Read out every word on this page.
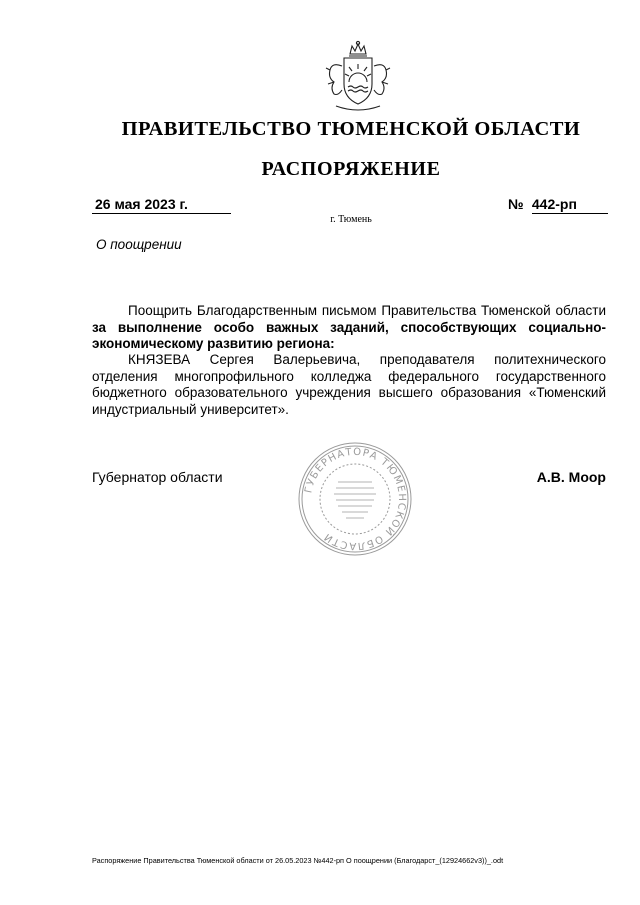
ПРАВИТЕЛЬСТВО ТЮМЕНСКОЙ ОБЛАСТИ
РАСПОРЯЖЕНИЕ
26 мая 2023 г.	№ 442-рп
г. Тюмень
О поощрении

Поощрить Благодарственным письмом Правительства Тюменской области за выполнение особо важных заданий, способствующих социально-экономическому развитию региона:

КНЯЗЕВА Сергея Валерьевича, преподавателя политехнического отделения многопрофильного колледжа федерального государственного бюджетного образовательного учреждения высшего образования «Тюменский индустриальный университет».

Губернатор области
ГУБЕРНАТОРА ТЮМЕНСКОЙ ОБЛАСТИ
А.В. Моор
Распоряжение Правительства Тюменской области от 26.05.2023 №442-рп О поощрении (Благодарст_(12924662v3))_.odt
